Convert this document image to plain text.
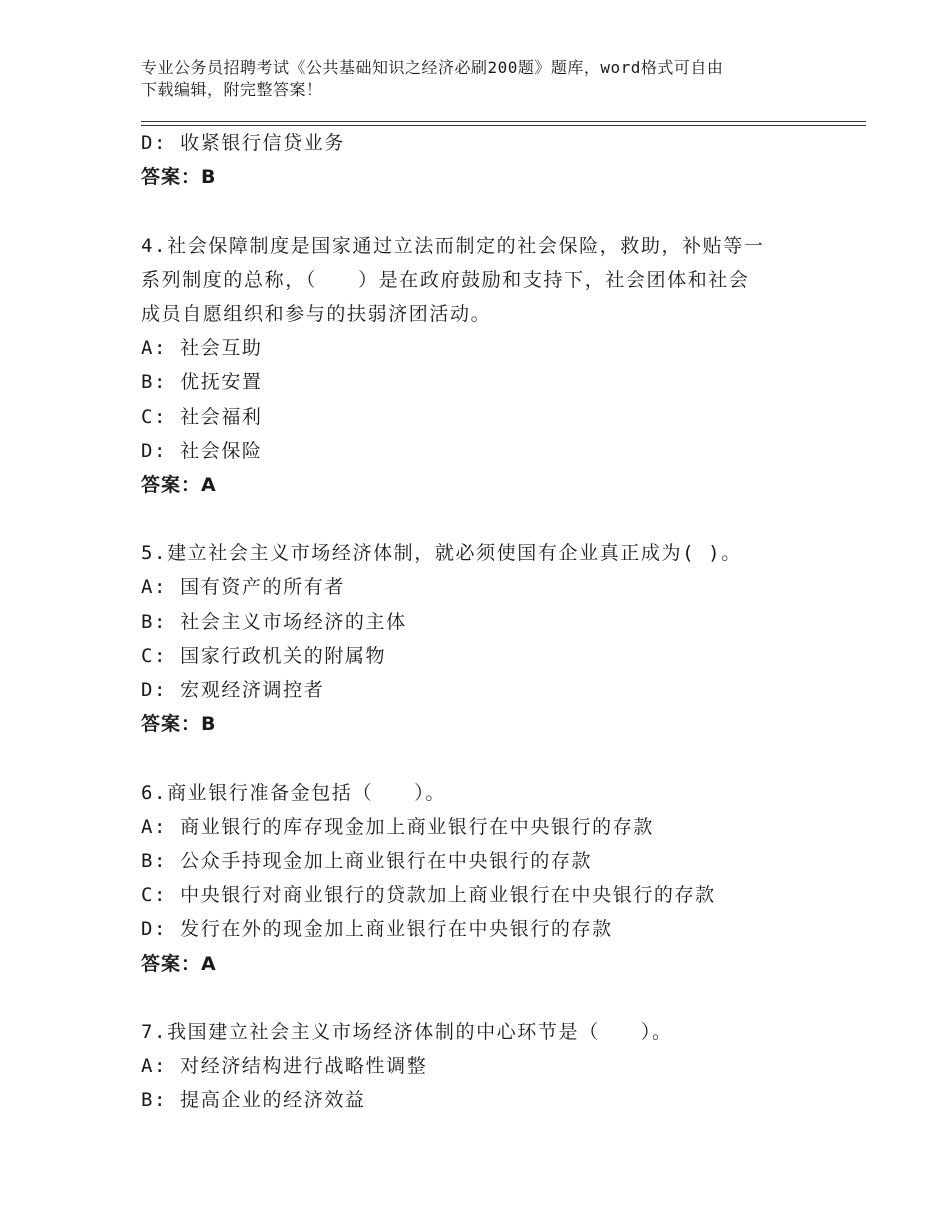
专业公务员招聘考试《公共基础知识之经济必刷200题》题库，word格式可自由
下载编辑，附完整答案！
D: 收紧银行信贷业务
答案：B
4.社会保障制度是国家通过立法而制定的社会保险，救助，补贴等一
系列制度的总称，（　　）是在政府鼓励和支持下，社会团体和社会
成员自愿组织和参与的扶弱济团活动。
A: 社会互助
B: 优抚安置
C: 社会福利
D: 社会保险
答案：A
5.建立社会主义市场经济体制，就必须使国有企业真正成为( )。
A: 国有资产的所有者
B: 社会主义市场经济的主体
C: 国家行政机关的附属物
D: 宏观经济调控者
答案：B
6.商业银行准备金包括（　　）。
A: 商业银行的库存现金加上商业银行在中央银行的存款
B: 公众手持现金加上商业银行在中央银行的存款
C: 中央银行对商业银行的贷款加上商业银行在中央银行的存款
D: 发行在外的现金加上商业银行在中央银行的存款
答案：A
7.我国建立社会主义市场经济体制的中心环节是（　　）。
A: 对经济结构进行战略性调整
B: 提高企业的经济效益
